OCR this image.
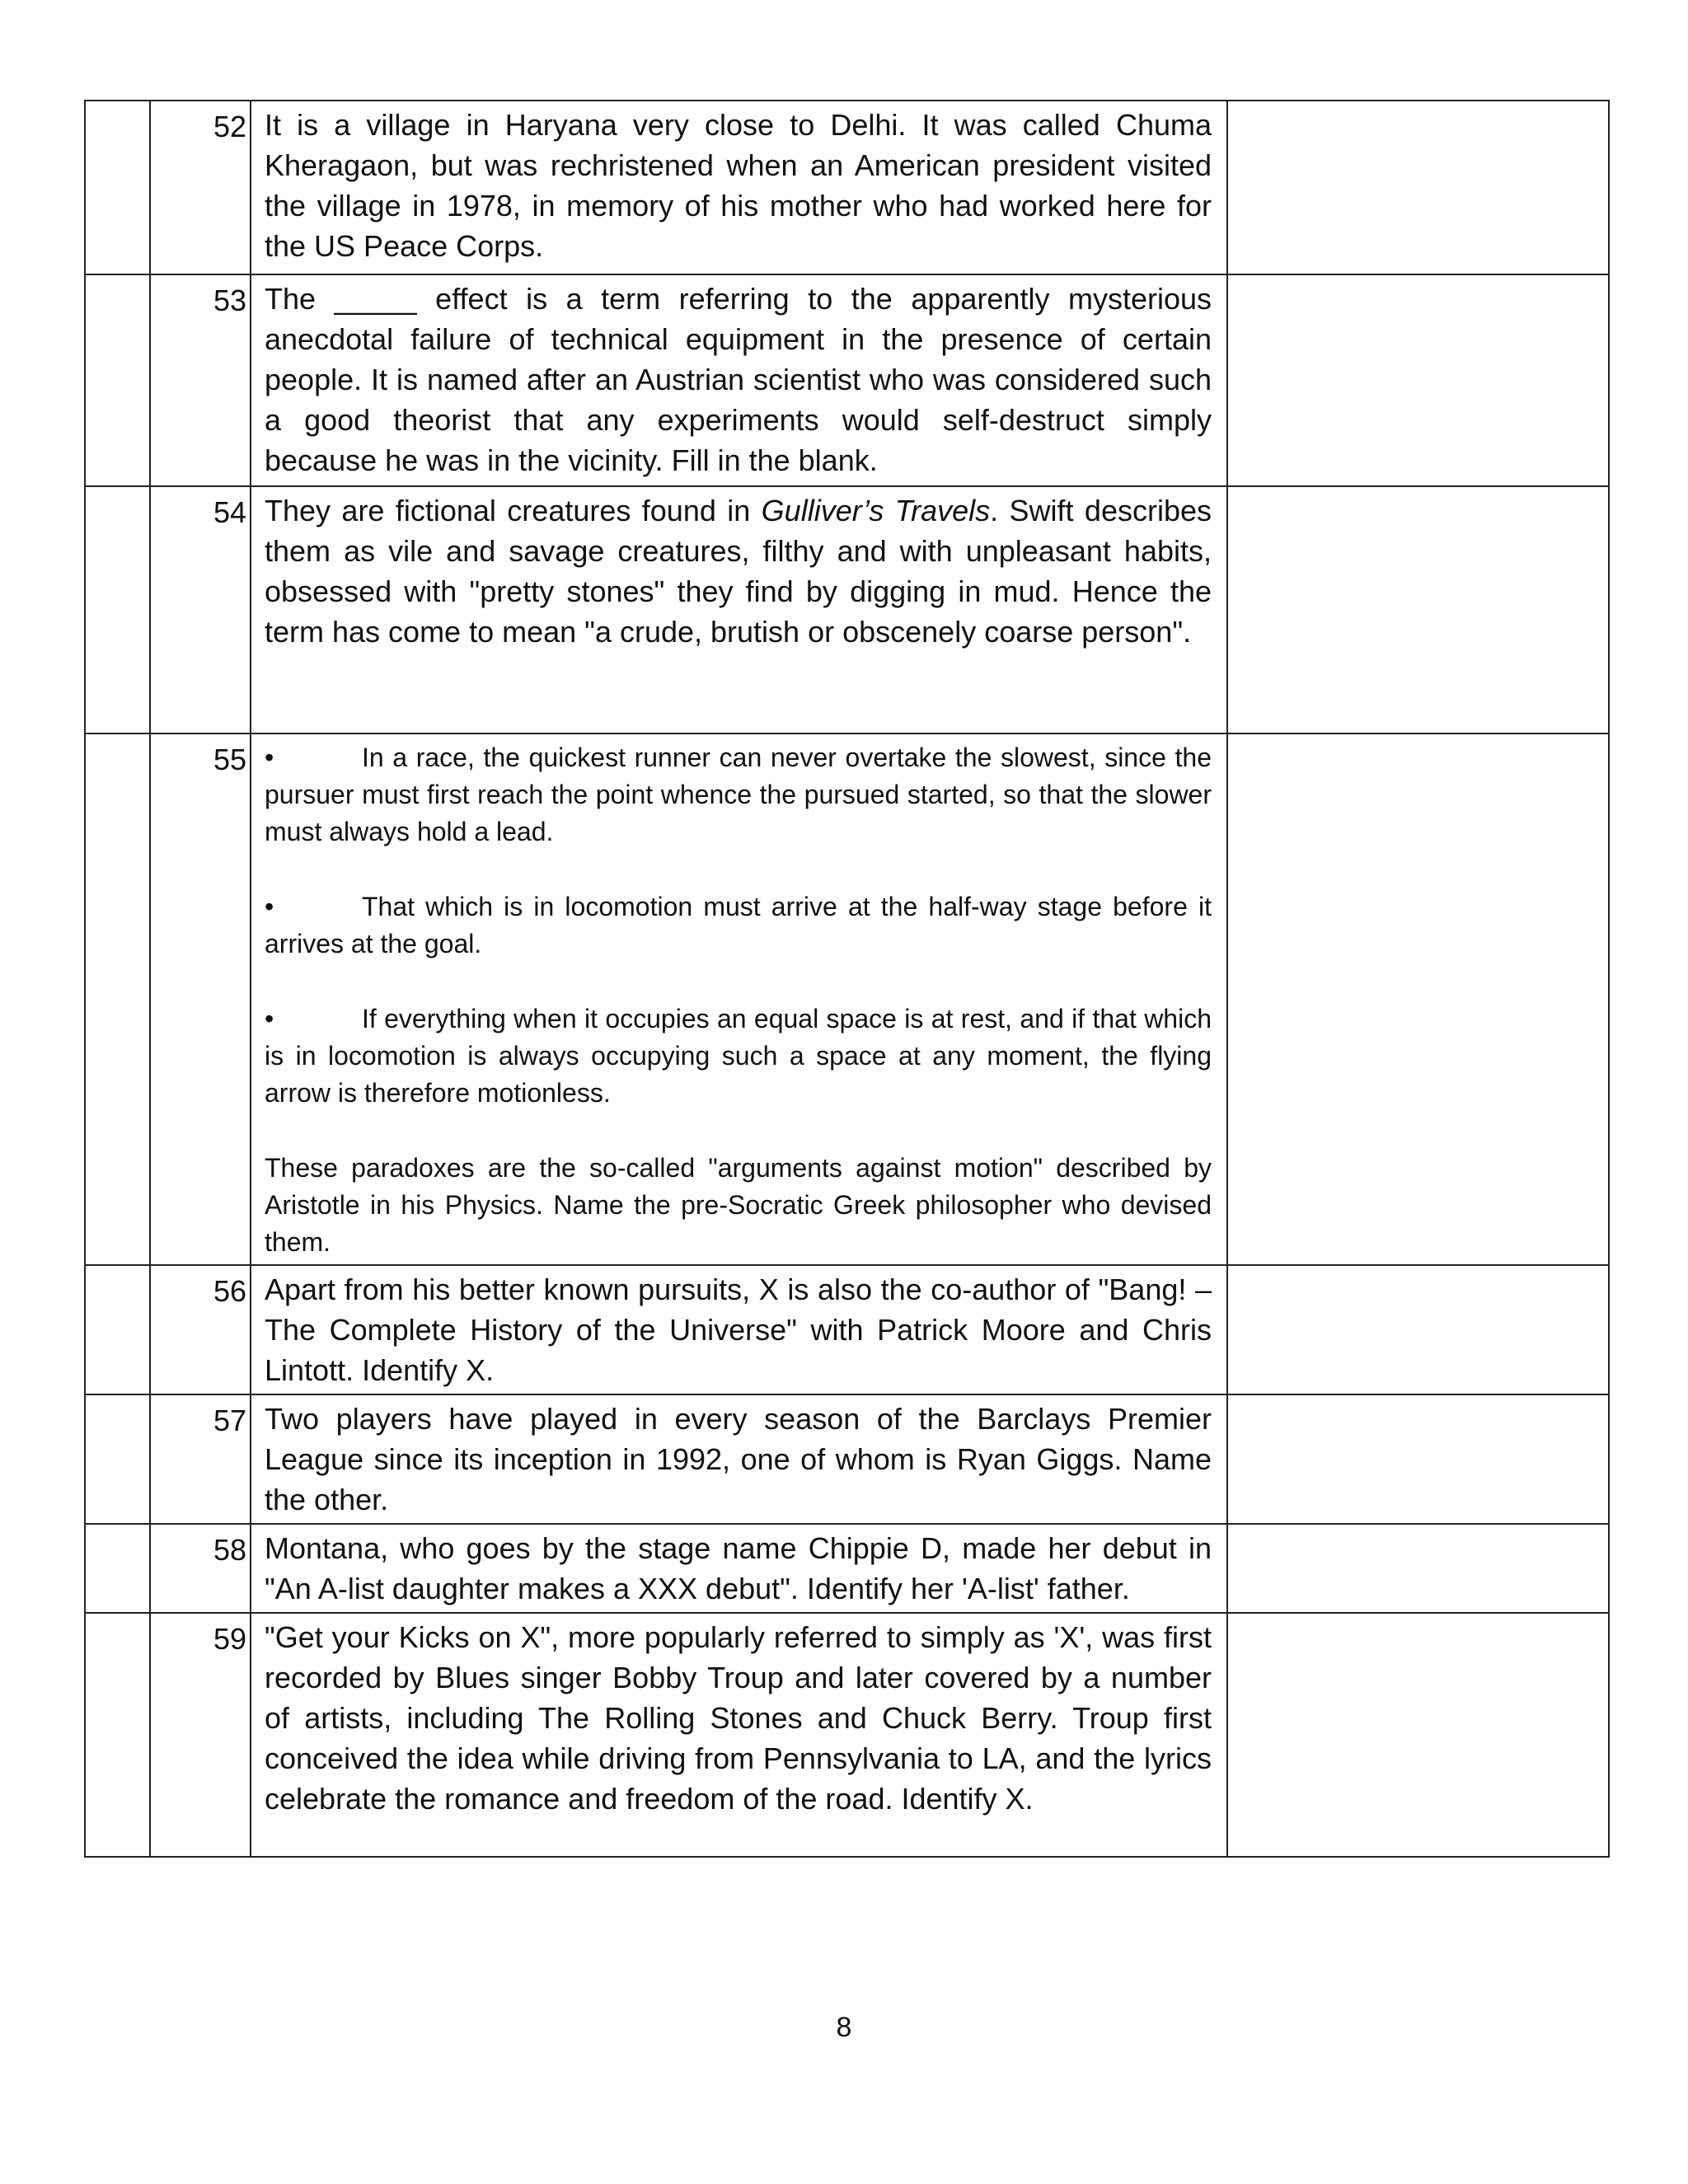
	52	It is a village in Haryana very close to Delhi. It was called Chuma Kheragaon, but was rechristened when an American president visited the village in 1978, in memory of his mother who had worked here for the US Peace Corps.	

	53	The _____ effect is a term referring to the apparently mysterious anecdotal failure of technical equipment in the presence of certain people. It is named after an Austrian scientist who was considered such a good theorist that any experiments would self-destruct simply because he was in the vicinity. Fill in the blank.	

	54	They are fictional creatures found in Gulliver’s Travels. Swift describes them as vile and savage creatures, filthy and with unpleasant habits, obsessed with "pretty stones" they find by digging in mud. Hence the term has come to mean "a crude, brutish or obscenely coarse person".	

	55	• In a race, the quickest runner can never overtake the slowest, since the pursuer must first reach the point whence the pursued started, so that the slower must always hold a lead.

• That which is in locomotion must arrive at the half-way stage before it arrives at the goal.

• If everything when it occupies an equal space is at rest, and if that which is in locomotion is always occupying such a space at any moment, the flying arrow is therefore motionless.

These paradoxes are the so-called "arguments against motion" described by Aristotle in his Physics. Name the pre-Socratic Greek philosopher who devised them.	

	56	Apart from his better known pursuits, X is also the co-author of "Bang! – The Complete History of the Universe" with Patrick Moore and Chris Lintott. Identify X.	

	57	Two players have played in every season of the Barclays Premier League since its inception in 1992, one of whom is Ryan Giggs. Name the other.	

	58	Montana, who goes by the stage name Chippie D, made her debut in "An A-list daughter makes a XXX debut". Identify her 'A-list' father.	

	59	"Get your Kicks on X", more popularly referred to simply as 'X', was first recorded by Blues singer Bobby Troup and later covered by a number of artists, including The Rolling Stones and Chuck Berry. Troup first conceived the idea while driving from Pennsylvania to LA, and the lyrics celebrate the romance and freedom of the road. Identify X.	

8
